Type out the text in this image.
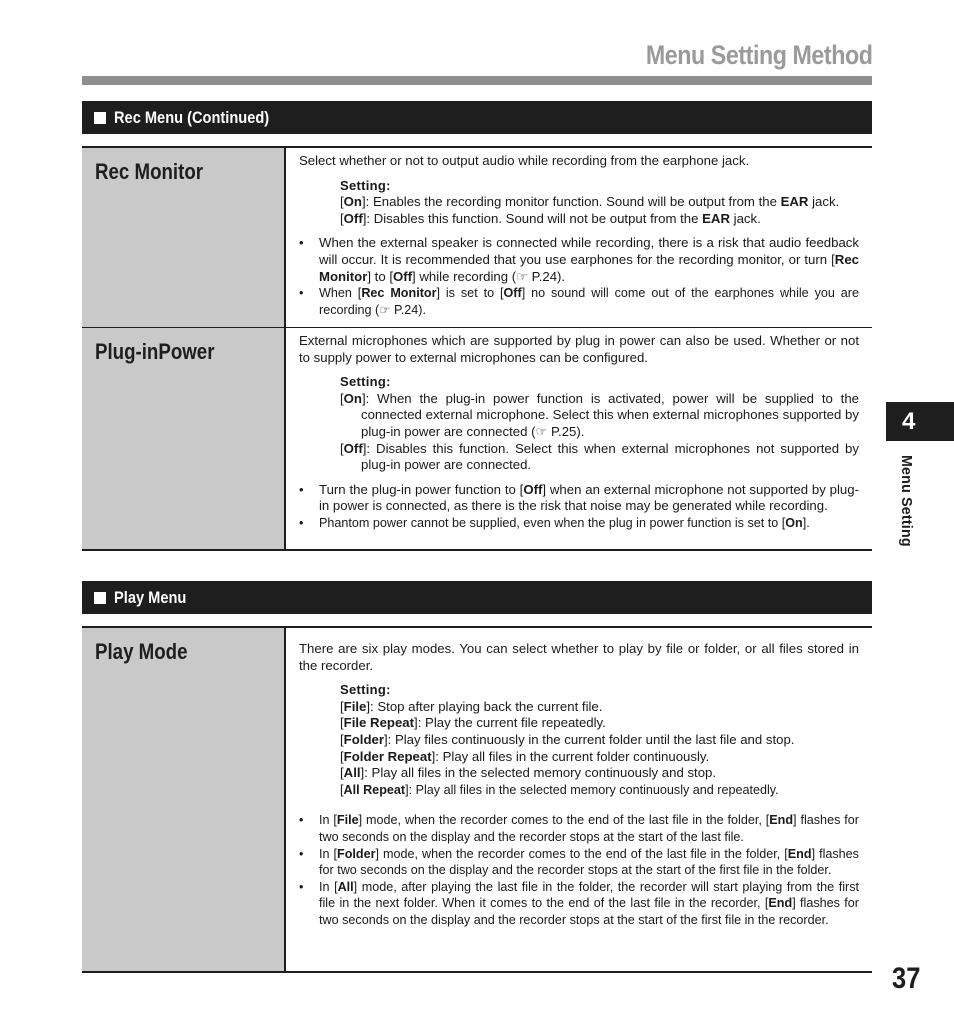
Menu Setting Method
Rec Menu (Continued)
Rec Monitor	Select whether or not to output audio while recording from the earphone jack.

Setting:
[On]: Enables the recording monitor function. Sound will be output from the EAR jack.
[Off]: Disables this function. Sound will not be output from the EAR jack.
• When the external speaker is connected while recording, there is a risk that audio feedback will occur. It is recommended that you use earphones for the recording monitor, or turn [Rec Monitor] to [Off] while recording (☞ P.24).
• When [Rec Monitor] is set to [Off] no sound will come out of the earphones while you are recording (☞ P.24).
Plug-inPower	External microphones which are supported by plug in power can also be used. Whether or not to supply power to external microphones can be configured.

Setting:
[On]: When the plug-in power function is activated, power will be supplied to the connected external microphone. Select this when external microphones supported by plug-in power are connected (☞ P.25).
[Off]: Disables this function. Select this when external microphones not supported by plug-in power are connected.
• Turn the plug-in power function to [Off] when an external microphone not supported by plug-in power is connected, as there is the risk that noise may be generated while recording.
• Phantom power cannot be supplied, even when the plug in power function is set to [On].
Play Menu
Play Mode	There are six play modes. You can select whether to play by file or folder, or all files stored in the recorder.

Setting:
[File]: Stop after playing back the current file.
[File Repeat]: Play the current file repeatedly.
[Folder]: Play files continuously in the current folder until the last file and stop.
[Folder Repeat]: Play all files in the current folder continuously.
[All]: Play all files in the selected memory continuously and stop.
[All Repeat]: Play all files in the selected memory continuously and repeatedly.
• In [File] mode, when the recorder comes to the end of the last file in the folder, [End] flashes for two seconds on the display and the recorder stops at the start of the last file.
• In [Folder] mode, when the recorder comes to the end of the last file in the folder, [End] flashes for two seconds on the display and the recorder stops at the start of the first file in the folder.
• In [All] mode, after playing the last file in the folder, the recorder will start playing from the first file in the next folder. When it comes to the end of the last file in the recorder, [End] flashes for two seconds on the display and the recorder stops at the start of the first file in the recorder.
4
Menu Setting
37
